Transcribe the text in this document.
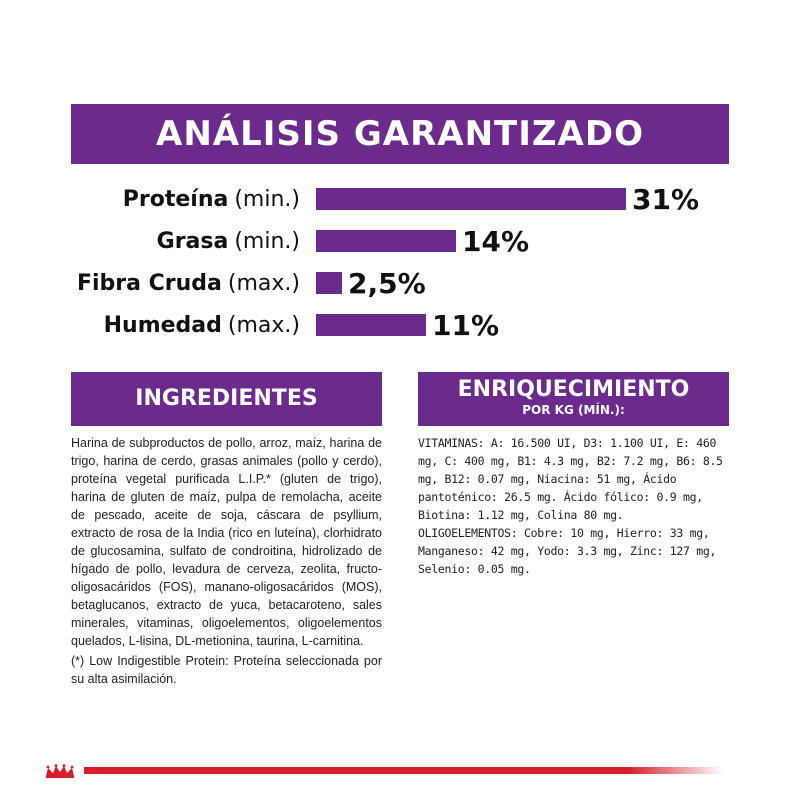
ANÁLISIS GARANTIZADO
Proteína (min.)	31%
Grasa (min.)	14%
Fibra Cruda (max.) 2,5%
Humedad (max.)	11%
INGREDIENTES	ENRIQUECIMIENTO
POR KG (MÍN.):
Harina de subproductos de pollo, arroz, maíz, harina de trigo, harina de cerdo, grasas animales (pollo y cerdo), proteína vegetal purificada L.I.P.* (gluten de trigo), harina de gluten de maíz, pulpa de remolacha, aceite de pescado, aceite de soja, cáscara de psyllium, extracto de rosa de la India (rico en luteína), clorhidrato de glucosamina, sulfato de condroitina, hidrolizado de hígado de pollo, levadura de cerveza, zeolita, fructo-oligosacáridos (FOS), manano-oligosacáridos (MOS), betaglucanos, extracto de yuca, betacaroteno, sales minerales, vitaminas, oligoelementos, oligoelementos quelados, L-lisina, DL-metionina, taurina, L-carnitina.
(*) Low Indigestible Protein: Proteína seleccionada por su alta asimilación.

VITAMINAS: A: 16.500 UI, D3: 1.100 UI, E: 460 mg, C: 400 mg, B1: 4.3 mg, B2: 7.2 mg, B6: 8.5 mg, B12: 0.07 mg, Niacina: 51 mg, Ácido pantoténico: 26.5 mg. Ácido fólico: 0.9 mg, Biotina: 1.12 mg, Colina 80 mg.

OLIGOELEMENTOS: Cobre: 10 mg, Hierro: 33 mg, Manganeso: 42 mg, Yodo: 3.3 mg, Zinc: 127 mg, Selenio: 0.05 mg.
